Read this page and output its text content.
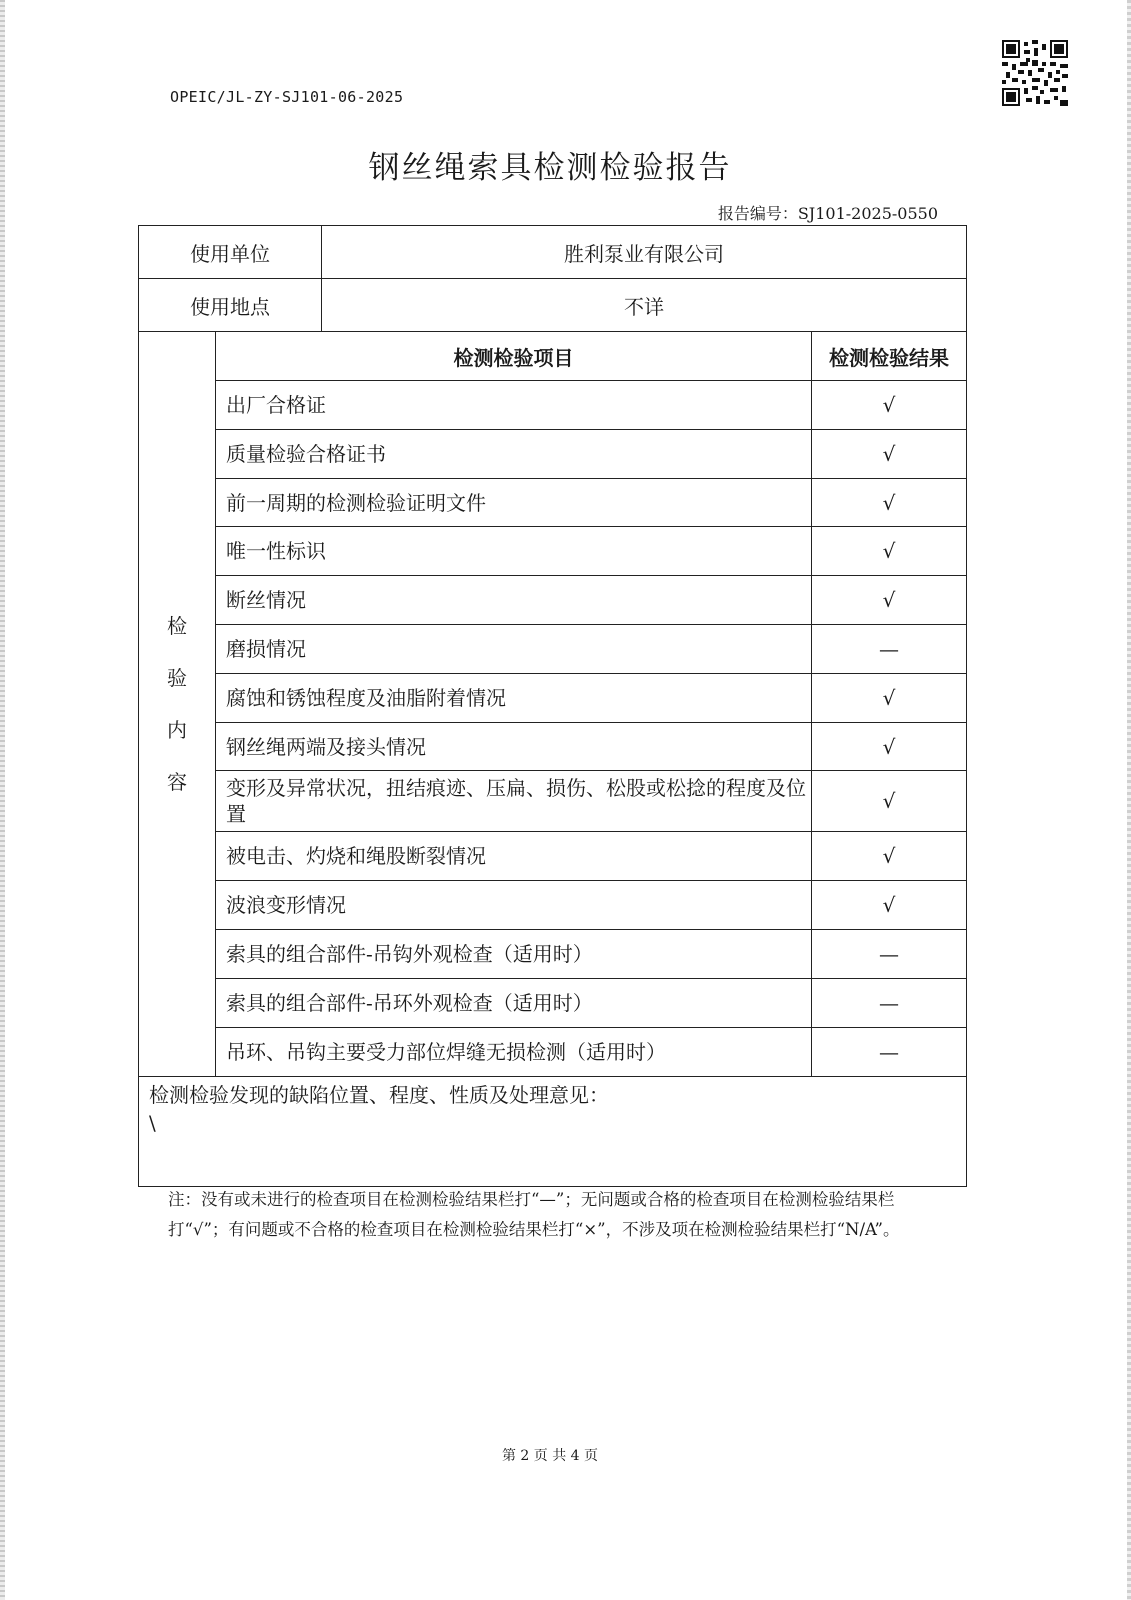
OPEIC/JL-ZY-SJ101-06-2025
钢丝绳索具检测检验报告
报告编号：SJ101-2025-0550
使用单位		胜利泵业有限公司	
使用地点		不详	

检
验
内
容	检测检验项目		检测检验结果
	出厂合格证		√
	质量检验合格证书		√
	前一周期的检测检验证明文件		√
	唯一性标识		√
	断丝情况		√
	磨损情况		—
	腐蚀和锈蚀程度及油脂附着情况		√
	钢丝绳两端及接头情况		√
	变形及异常状况，扭结痕迹、压扁、损伤、松股或松捻的程度及位置		√
	被电击、灼烧和绳股断裂情况		√
	波浪变形情况		√
	索具的组合部件-吊钩外观检查（适用时）		—
	索具的组合部件-吊环外观检查（适用时）		—
	吊环、吊钩主要受力部位焊缝无损检测（适用时）		—

检测检验发现的缺陷位置、程度、性质及处理意见：
\			
注：没有或未进行的检查项目在检测检验结果栏打“—”；无问题或合格的检查项目在检测检验结果栏打“√”；有问题或不合格的检查项目在检测检验结果栏打“×”，不涉及项在检测检验结果栏打“N/A”。
第 2 页 共 4 页
